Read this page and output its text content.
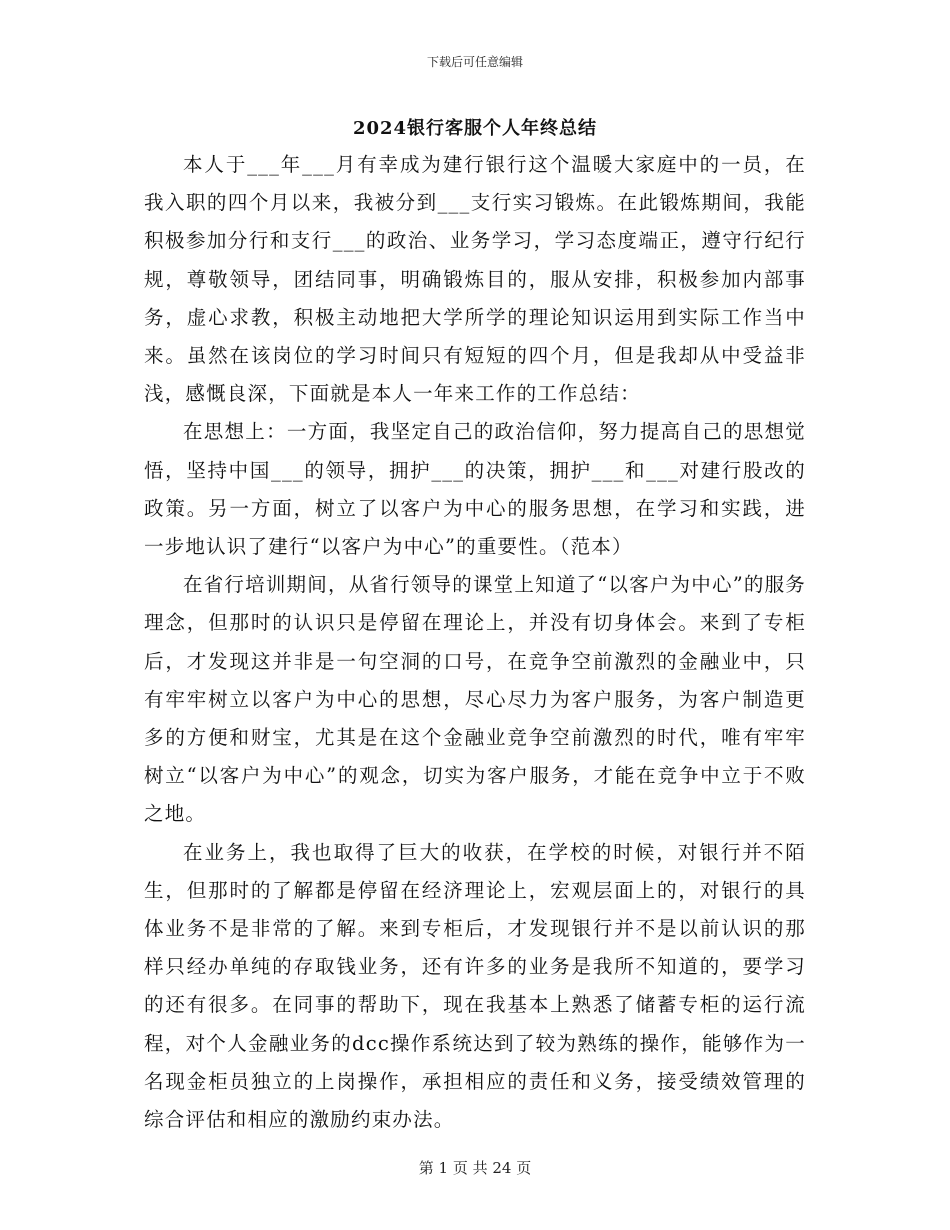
下载后可任意编辑
2024银行客服个人年终总结

本人于___年___月有幸成为建行银行这个温暖大家庭中的一员，在我入职的四个月以来，我被分到___支行实习锻炼。在此锻炼期间，我能积极参加分行和支行___的政治、业务学习，学习态度端正，遵守行纪行规，尊敬领导，团结同事，明确锻炼目的，服从安排，积极参加内部事务，虚心求教，积极主动地把大学所学的理论知识运用到实际工作当中来。虽然在该岗位的学习时间只有短短的四个月，但是我却从中受益非浅，感慨良深，下面就是本人一年来工作的工作总结：

在思想上：一方面，我坚定自己的政治信仰，努力提高自己的思想觉悟，坚持中国___的领导，拥护___的决策，拥护___和___对建行股改的政策。另一方面，树立了以客户为中心的服务思想，在学习和实践，进一步地认识了建行“以客户为中心”的重要性。（范本）

在省行培训期间，从省行领导的课堂上知道了“以客户为中心”的服务理念，但那时的认识只是停留在理论上，并没有切身体会。来到了专柜后，才发现这并非是一句空洞的口号，在竞争空前激烈的金融业中，只有牢牢树立以客户为中心的思想，尽心尽力为客户服务，为客户制造更多的方便和财宝，尤其是在这个金融业竞争空前激烈的时代，唯有牢牢树立“以客户为中心”的观念，切实为客户服务，才能在竞争中立于不败之地。

在业务上，我也取得了巨大的收获，在学校的时候，对银行并不陌生，但那时的了解都是停留在经济理论上，宏观层面上的，对银行的具体业务不是非常的了解。来到专柜后，才发现银行并不是以前认识的那样只经办单纯的存取钱业务，还有许多的业务是我所不知道的，要学习的还有很多。在同事的帮助下，现在我基本上熟悉了储蓄专柜的运行流程，对个人金融业务的dcc操作系统达到了较为熟练的操作，能够作为一名现金柜员独立的上岗操作，承担相应的责任和义务，接受绩效管理的综合评估和相应的激励约束办法。

第 1 页 共 24 页
